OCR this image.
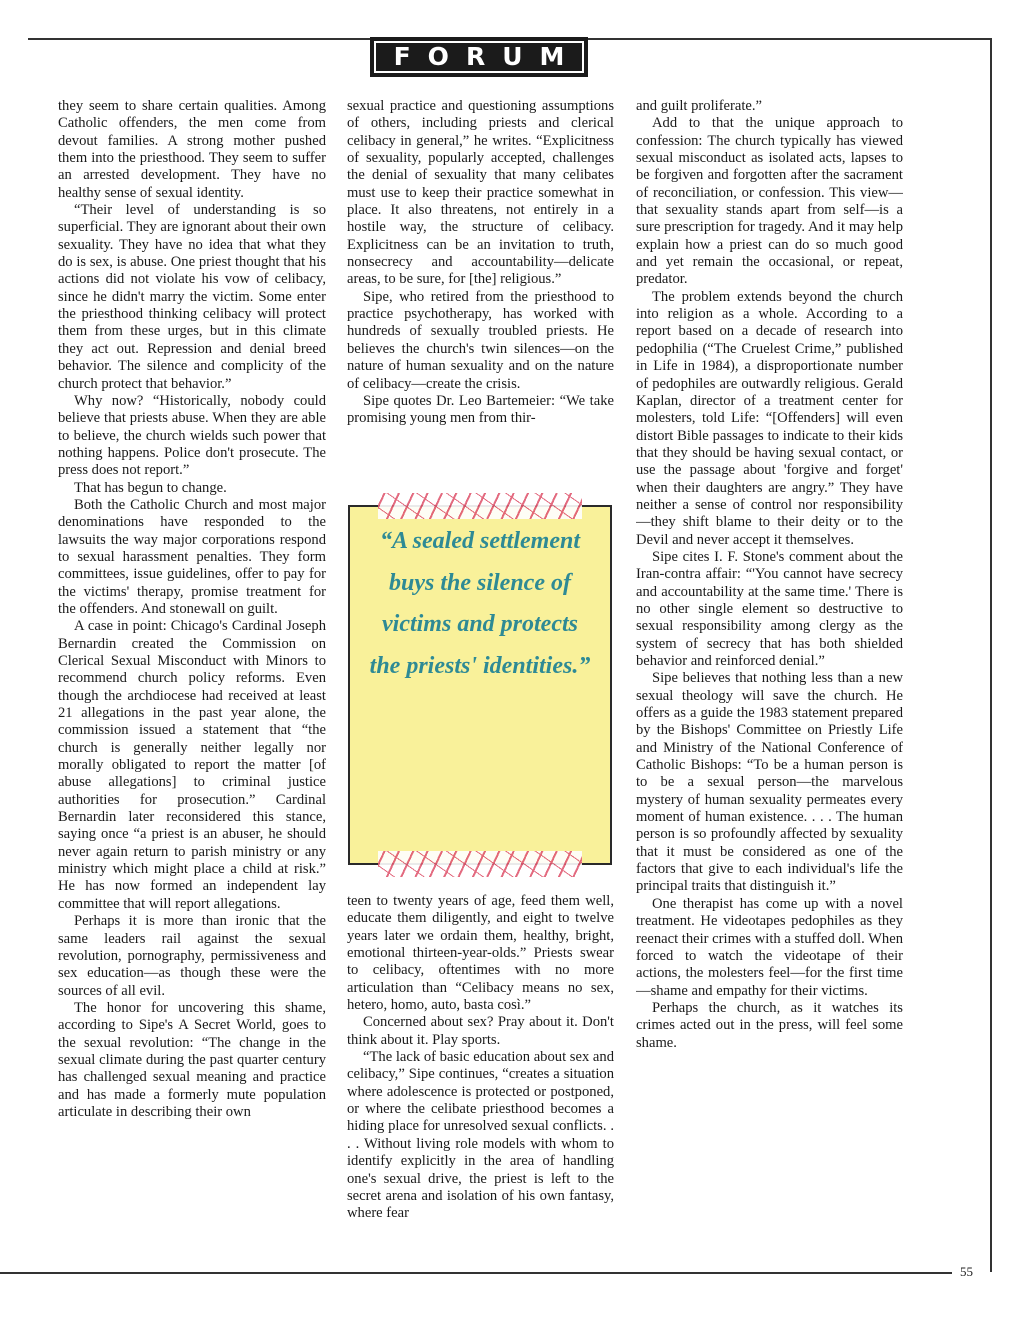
FORUM

they seem to share certain qualities. Among Catholic offenders, the men come from devout families. A strong mother pushed them into the priesthood. They seem to suffer an arrested development. They have no healthy sense of sexual identity.

“Their level of understanding is so superficial. They are ignorant about their own sexuality. They have no idea that what they do is sex, is abuse. One priest thought that his actions did not violate his vow of celibacy, since he didn't marry the victim. Some enter the priesthood thinking celibacy will protect them from these urges, but in this climate they act out. Repression and denial breed behavior. The silence and complicity of the church protect that behavior.”

Why now? “Historically, nobody could believe that priests abuse. When they are able to believe, the church wields such power that nothing happens. Police don't prosecute. The press does not report.”

That has begun to change.

Both the Catholic Church and most major denominations have responded to the lawsuits the way major corporations respond to sexual harassment penalties. They form committees, issue guidelines, offer to pay for the victims' therapy, promise treatment for the offenders. And stonewall on guilt.

A case in point: Chicago's Cardinal Joseph Bernardin created the Commission on Clerical Sexual Misconduct with Minors to recommend church policy reforms. Even though the archdiocese had received at least 21 allegations in the past year alone, the commission issued a statement that “the church is generally neither legally nor morally obligated to report the matter [of abuse allegations] to criminal justice authorities for prosecution.” Cardinal Bernardin later reconsidered this stance, saying once “a priest is an abuser, he should never again return to parish ministry or any ministry which might place a child at risk.” He has now formed an independent lay committee that will report allegations.

Perhaps it is more than ironic that the same leaders rail against the sexual revolution, pornography, permissiveness and sex education—as though these were the sources of all evil.

The honor for uncovering this shame, according to Sipe's A Secret World, goes to the sexual revolution: “The change in the sexual climate during the past quarter century has challenged sexual meaning and practice and has made a formerly mute population articulate in describing their own

sexual practice and questioning assumptions of others, including priests and clerical celibacy in general,” he writes. “Explicitness of sexuality, popularly accepted, challenges the denial of sexuality that many celibates must use to keep their practice somewhat in place. It also threatens, not entirely in a hostile way, the structure of celibacy. Explicitness can be an invitation to truth, nonsecrecy and accountability—delicate areas, to be sure, for [the] religious.”

Sipe, who retired from the priesthood to practice psychotherapy, has worked with hundreds of sexually troubled priests. He believes the church's twin silences—on the nature of human sexuality and on the nature of celibacy—create the crisis.

Sipe quotes Dr. Leo Bartemeier: “We take promising young men from thir-

teen to twenty years of age, feed them well, educate them diligently, and eight to twelve years later we ordain them, healthy, bright, emotional thirteen-year-olds.” Priests swear to celibacy, oftentimes with no more articulation than “Celibacy means no sex, hetero, homo, auto, basta così.”

Concerned about sex? Pray about it. Don't think about it. Play sports.

“The lack of basic education about sex and celibacy,” Sipe continues, “creates a situation where adolescence is protected or postponed, or where the celibate priesthood becomes a hiding place for unresolved sexual conflicts. . . . Without living role models with whom to identify explicitly in the area of handling one's sexual drive, the priest is left to the secret arena and isolation of his own fantasy, where fear

“A sealed settlement buys the silence of victims and protects the priests' identities.”

and guilt proliferate.”

Add to that the unique approach to confession: The church typically has viewed sexual misconduct as isolated acts, lapses to be forgiven and forgotten after the sacrament of reconciliation, or confession. This view—that sexuality stands apart from self—is a sure prescription for tragedy. And it may help explain how a priest can do so much good and yet remain the occasional, or repeat, predator.

The problem extends beyond the church into religion as a whole. According to a report based on a decade of research into pedophilia (“The Cruelest Crime,” published in Life in 1984), a disproportionate number of pedophiles are outwardly religious. Gerald Kaplan, director of a treatment center for molesters, told Life: “[Offenders] will even distort Bible passages to indicate to their kids that they should be having sexual contact, or use the passage about 'forgive and forget' when their daughters are angry.” They have neither a sense of control nor responsibility—they shift blame to their deity or to the Devil and never accept it themselves.

Sipe cites I. F. Stone's comment about the Iran-contra affair: “'You cannot have secrecy and accountability at the same time.' There is no other single element so destructive to sexual responsibility among clergy as the system of secrecy that has both shielded behavior and reinforced denial.”

Sipe believes that nothing less than a new sexual theology will save the church. He offers as a guide the 1983 statement prepared by the Bishops' Committee on Priestly Life and Ministry of the National Conference of Catholic Bishops: “To be a human person is to be a sexual person—the marvelous mystery of human sexuality permeates every moment of human existence. . . . The human person is so profoundly affected by sexuality that it must be considered as one of the factors that give to each individual's life the principal traits that distinguish it.”

One therapist has come up with a novel treatment. He videotapes pedophiles as they reenact their crimes with a stuffed doll. When forced to watch the videotape of their actions, the molesters feel—for the first time—shame and empathy for their victims.

Perhaps the church, as it watches its crimes acted out in the press, will feel some shame.

55
